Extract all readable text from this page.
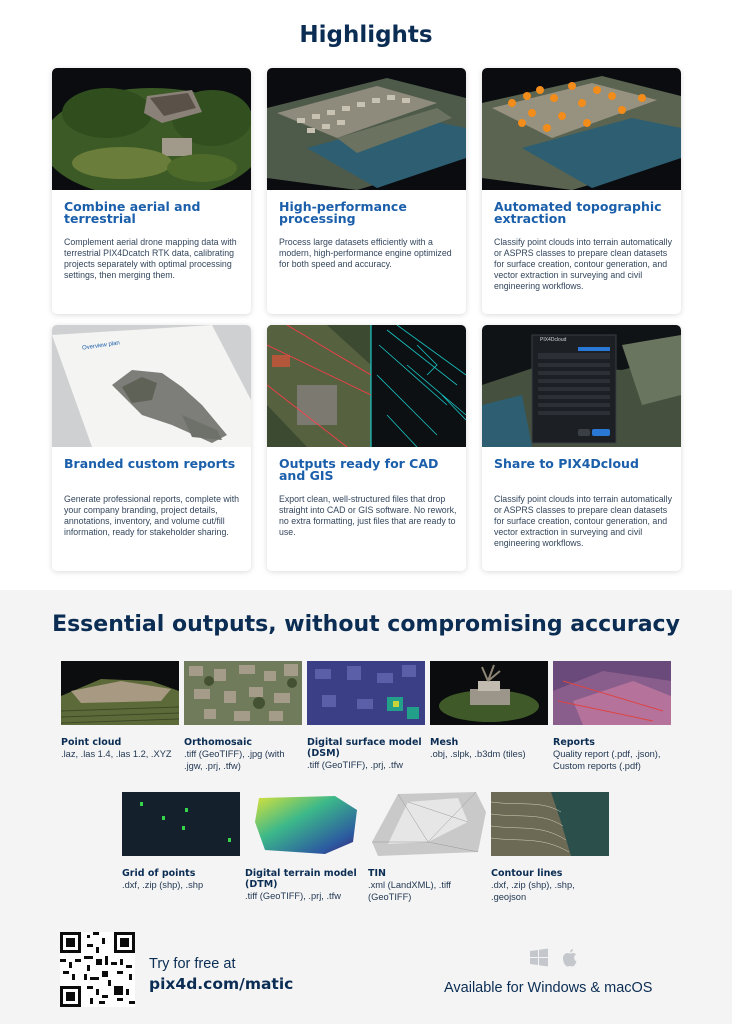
Highlights
Combine aerial and terrestrial

Complement aerial drone mapping data with terrestrial PIX4Dcatch RTK data, calibrating projects separately with optimal processing settings, then merging them.

High-performance processing

Process large datasets efficiently with a modern, high-performance engine optimized for both speed and accuracy.

Automated topographic extraction

Classify point clouds into terrain automatically or ASPRS classes to prepare clean datasets for surface creation, contour generation, and vector extraction in surveying and civil engineering workflows.

Overview plan
Branded custom reports

Generate professional reports, complete with your company branding, project details, annotations, inventory, and volume cut/fill information, ready for stakeholder sharing.

Outputs ready for CAD and GIS

Export clean, well-structured files that drop straight into CAD or GIS software. No rework, no extra formatting, just files that are ready to use.

PIX4Dcloud
Share to PIX4Dcloud

Classify point clouds into terrain automatically or ASPRS classes to prepare clean datasets for surface creation, contour generation, and vector extraction in surveying and civil engineering workflows.

Essential outputs, without compromising accuracy
Point cloud
.laz, .las 1.4, .las 1.2, .XYZ
Orthomosaic
.tiff (GeoTIFF), .jpg (with .jgw, .prj, .tfw)
Digital surface model (DSM)
.tiff (GeoTIFF), .prj, .tfw
Mesh
.obj, .slpk, .b3dm (tiles)
Reports
Quality report (.pdf, .json), Custom reports (.pdf)
Grid of points
.dxf, .zip (shp), .shp
Digital terrain model (DTM)
.tiff (GeoTIFF), .prj, .tfw
TIN
.xml (LandXML), .tiff (GeoTIFF)
Contour lines
.dxf, .zip (shp), .shp, .geojson
Try for free at
pix4d.com/matic	Available for Windows & macOS
